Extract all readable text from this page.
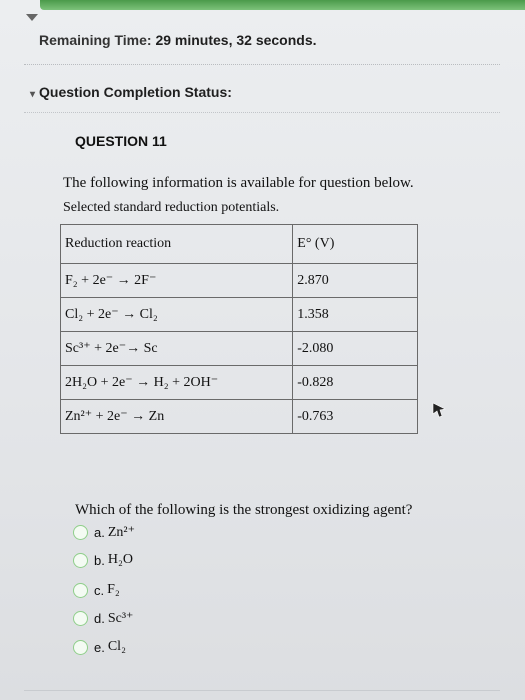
Remaining Time: 29 minutes, 32 seconds.
▾ Question Completion Status:
QUESTION 11
The following information is available for question below.
Selected standard reduction potentials.
Reduction reaction	E° (V)
F₂ + 2e⁻ → 2F⁻	2.870
Cl₂ + 2e⁻ → Cl₂	1.358
Sc³⁺ + 2e⁻→ Sc	-2.080
2H₂O + 2e⁻ → H₂ + 2OH⁻	-0.828
Zn²⁺ + 2e⁻ → Zn	-0.763
Which of the following is the strongest oxidizing agent?
a. Zn²⁺
b. H₂O
c. F₂
d. Sc³⁺
e. Cl₂
